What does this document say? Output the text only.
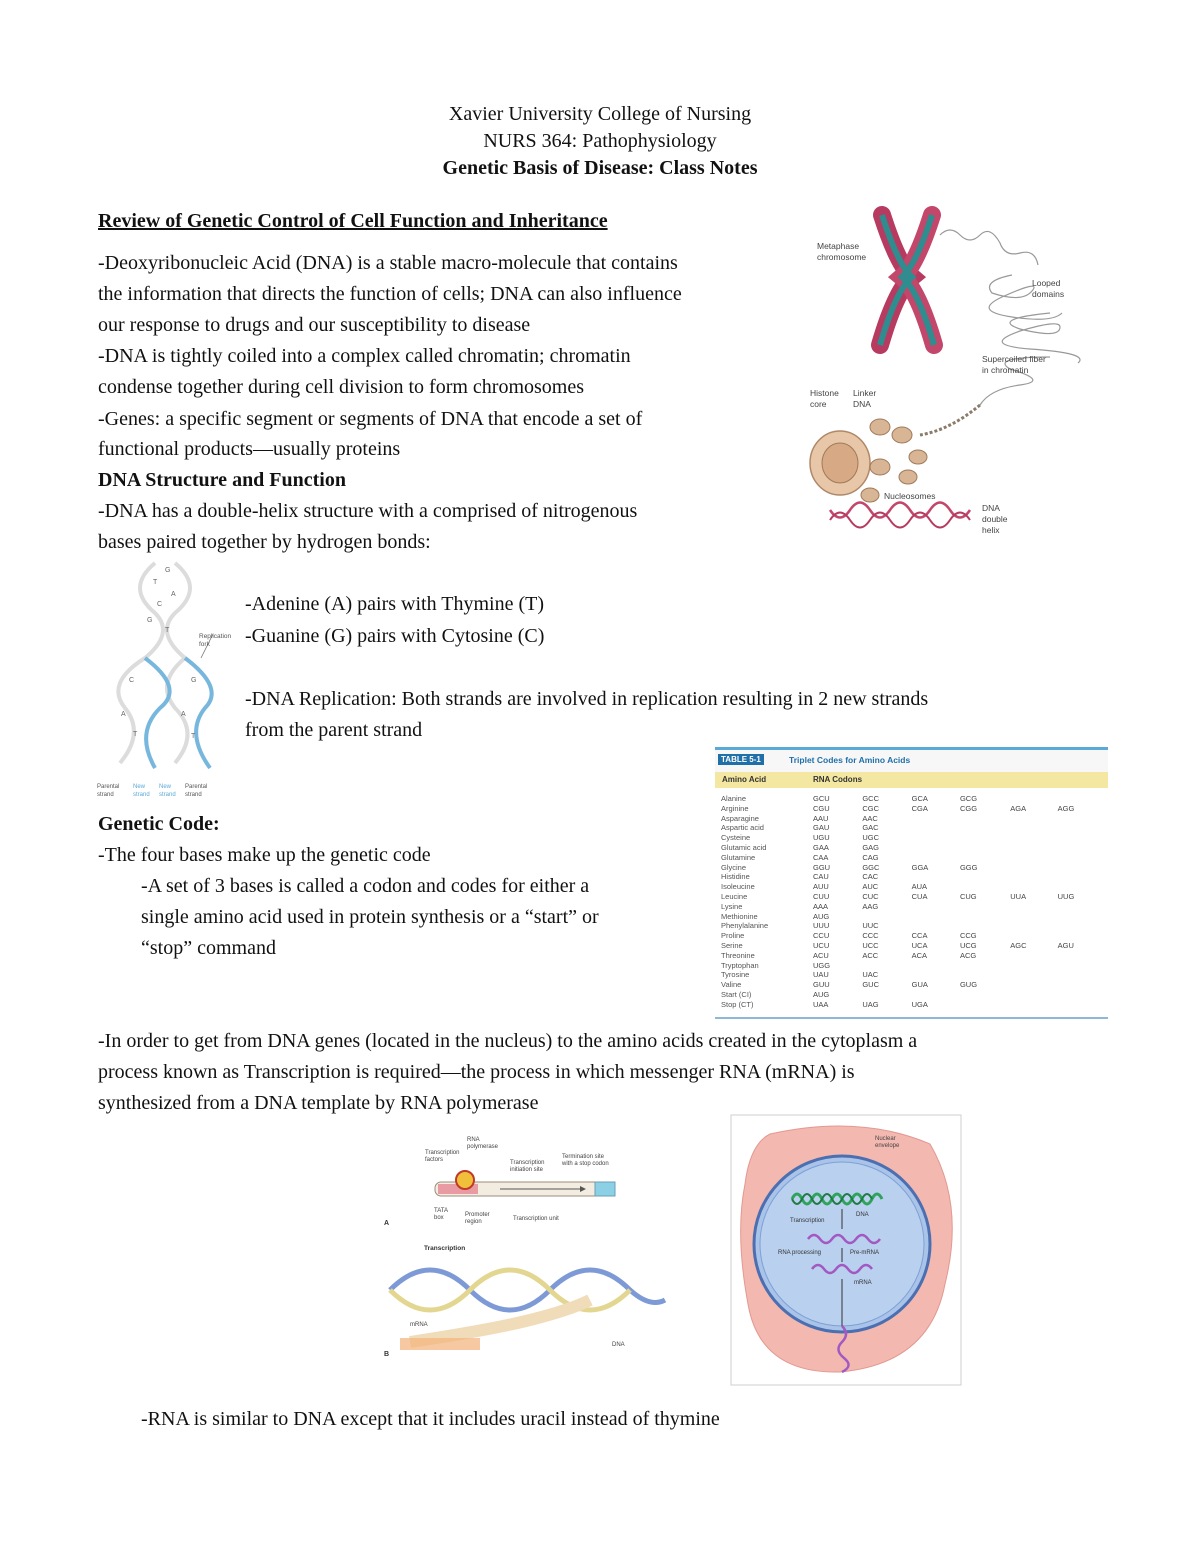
Xavier University College of Nursing
NURS 364: Pathophysiology
Genetic Basis of Disease: Class Notes
Review of Genetic Control of Cell Function and Inheritance
-Deoxyribonucleic Acid (DNA) is a stable macro-molecule that contains
the information that directs the function of cells; DNA can also influence
our response to drugs and our susceptibility to disease
-DNA is tightly coiled into a complex called chromatin; chromatin
condense together during cell division to form chromosomes
-Genes: a specific segment or segments of DNA that encode a set of
functional products—usually proteins
DNA Structure and Function
-DNA has a double-helix structure with a comprised of nitrogenous
bases paired together by hydrogen bonds:
-Adenine (A) pairs with Thymine (T)
-Guanine (G) pairs with Cytosine (C)
-DNA Replication: Both strands are involved in replication resulting in 2 new strands
from the parent strand
Genetic Code:
-The four bases make up the genetic code
-A set of 3 bases is called a codon and codes for either a
single amino acid used in protein synthesis or a “start” or
“stop” command
-In order to get from DNA genes (located in the nucleus) to the amino acids created in the cytoplasm a
process known as Transcription is required—the process in which messenger RNA (mRNA) is
synthesized from a DNA template by RNA polymerase
-RNA is similar to DNA except that it includes uracil instead of thymine
Metaphase
chromosome
Looped
domains
Supercoiled fiber
in chromatin
Histone
core
Linker
DNA
Nucleosomes
DNA
double
helix
G
T
A
C
G
T
C	G
A	A
T	T
Replication
fork
Parental
strand
New
strand
New
strand
Parental
strand
TABLE 5-1	Triplet Codes for Amino Acids
Amino Acid	RNA Codons
Alanine	GCU	GCC	GCA	GCG		
Arginine	CGU	CGC	CGA	CGG	AGA	AGG
Asparagine	AAU	AAC				
Aspartic acid	GAU	GAC				
Cysteine	UGU	UGC				
Glutamic acid	GAA	GAG				
Glutamine	CAA	CAG				
Glycine	GGU	GGC	GGA	GGG		
Histidine	CAU	CAC				
Isoleucine	AUU	AUC	AUA			
Leucine	CUU	CUC	CUA	CUG	UUA	UUG
Lysine	AAA	AAG				
Methionine	AUG					
Phenylalanine	UUU	UUC				
Proline	CCU	CCC	CCA	CCG		
Serine	UCU	UCC	UCA	UCG	AGC	AGU
Threonine	ACU	ACC	ACA	ACG		
Tryptophan	UGG					
Tyrosine	UAU	UAC				
Valine	GUU	GUC	GUA	GUG		
Start (CI)	AUG					
Stop (CT)	UAA	UAG	UGA			
RNA
polymerase
Transcription
factors	Transcription
initiation site
Termination site
with a stop codon
TATA
box	Promoter
region	Transcription unit
A
Transcription
mRNA
DNA
B
Nuclear
envelope
DNA
Transcription
RNA processing	Pre-mRNA
mRNA
